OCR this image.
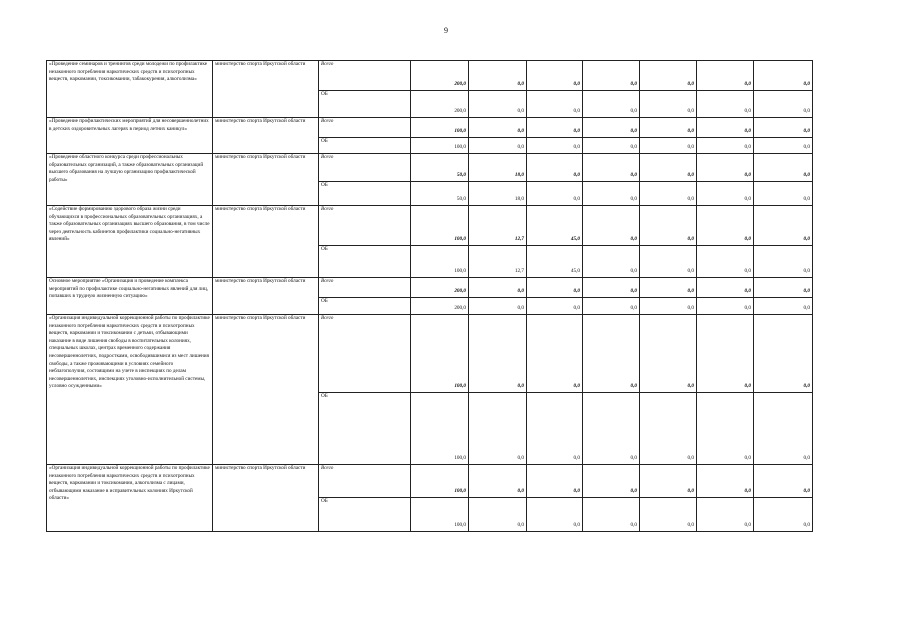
9
«Проведение семинаров и тренингов среди молодежи по профилактике незаконного потребления наркотических средств и психотропных веществ, наркомании, токсикомании, табакокурения, алкоголизма»	министерство спорта Иркутской области	Всего	200,0	0,0	0,0	0,0	0,0	0,0	0,0
		ОБ	200,0	0,0	0,0	0,0	0,0	0,0	0,0
«Проведение профилактических мероприятий для несовершеннолетних в детских оздоровительных лагерях в период летних каникул»	министерство спорта Иркутской области	Всего	100,0	0,0	0,0	0,0	0,0	0,0	0,0
		ОБ	100,0	0,0	0,0	0,0	0,0	0,0	0,0
«Проведение областного конкурса среди профессиональных образовательных организаций, а также образовательных организаций высшего образования на лучшую организацию профилактической работы»	министерство спорта Иркутской области	Всего	50,0	18,0	0,0	0,0	0,0	0,0	0,0
		ОБ	50,0	18,0	0,0	0,0	0,0	0,0	0,0
«Содействие формированию здорового образа жизни среди обучающихся в профессиональных образовательных организациях, а также образовательных организациях высшего образования, в том числе через деятельность кабинетов профилактики социально-негативных явлений»	министерство спорта Иркутской области	Всего	100,0	12,7	45,0	0,0	0,0	0,0	0,0
		ОБ	100,0	12,7	45,0	0,0	0,0	0,0	0,0
Основное мероприятие «Организация и проведение комплекса мероприятий по профилактике социально-негативных явлений для лиц, попавших в трудную жизненную ситуацию»	министерство спорта Иркутской области	Всего	200,0	0,0	0,0	0,0	0,0	0,0	0,0
		ОБ	200,0	0,0	0,0	0,0	0,0	0,0	0,0
«Организация индивидуальной коррекционной работы по профилактике незаконного потребления наркотических средств и психотропных веществ, наркомании и токсикомании с детьми, отбывающими наказание в виде лишения свободы в воспитательных колониях, специальных школах, центрах временного содержания несовершеннолетних, подростками, освободившимися из мест лишения свободы, а также проживающими в условиях семейного неблагополучия, состоящими на учете в инспекциях по делам несовершеннолетних, инспекциях уголовно-исполнительной системы, условно осужденными»	министерство спорта Иркутской области	Всего	100,0	0,0	0,0	0,0	0,0	0,0	0,0
		ОБ	100,0	0,0	0,0	0,0	0,0	0,0	0,0
«Организация индивидуальной коррекционной работы по профилактике незаконного потребления наркотических средств и психотропных веществ, наркомании и токсикомании, алкоголизма с лицами, отбывающими наказание в исправительных колониях Иркутской области»	министерство спорта Иркутской области	Всего	100,0	0,0	0,0	0,0	0,0	0,0	0,0
		ОБ	100,0	0,0	0,0	0,0	0,0	0,0	0,0
